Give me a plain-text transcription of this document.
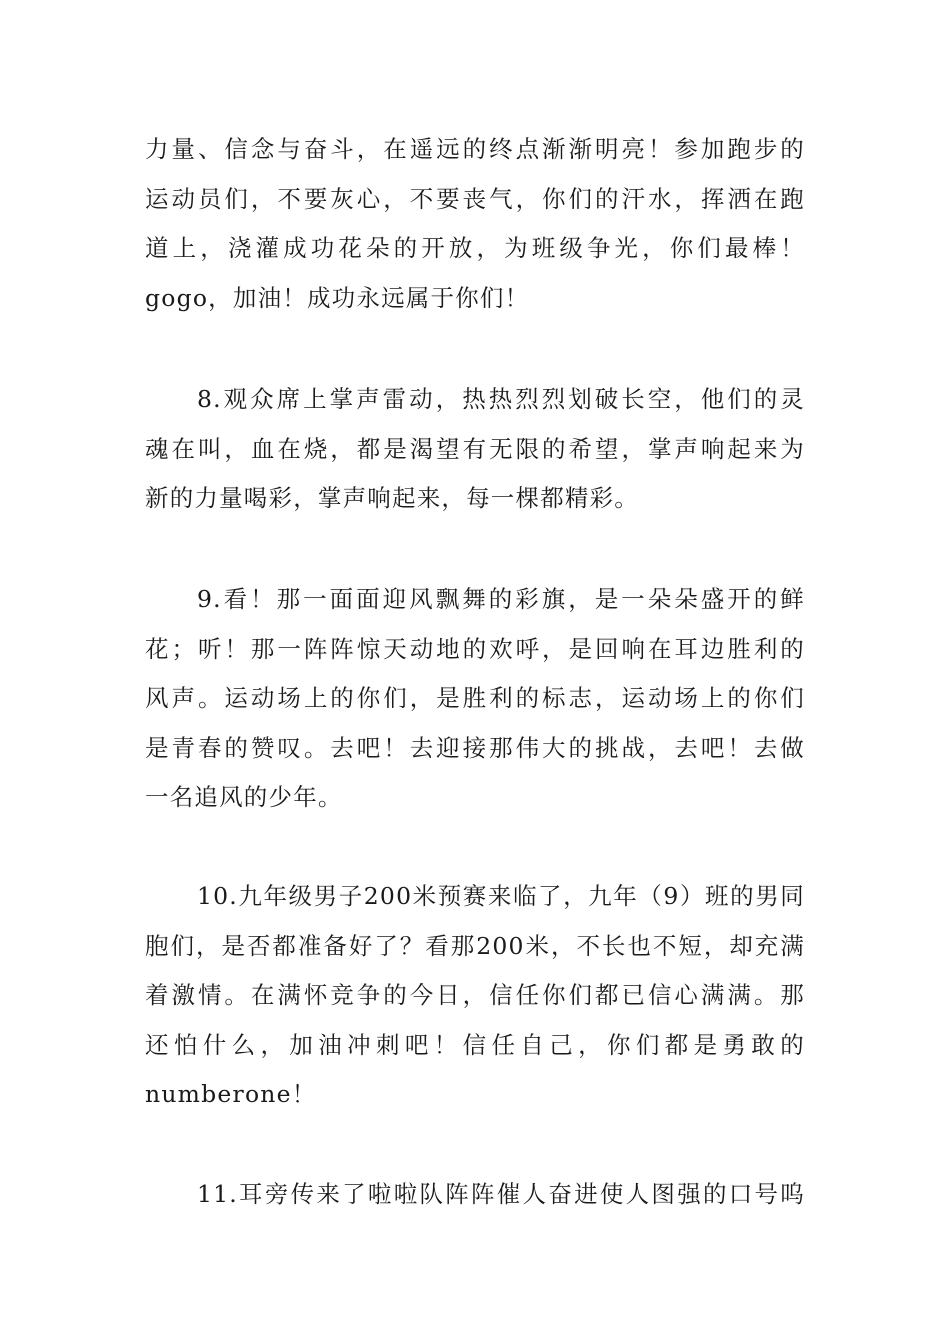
力量、信念与奋斗，在遥远的终点渐渐明亮！参加跑步的
运动员们，不要灰心，不要丧气，你们的汗水，挥洒在跑
道上，浇灌成功花朵的开放，为班级争光，你们最棒！
gogo，加油！成功永远属于你们！
8.观众席上掌声雷动，热热烈烈划破长空，他们的灵
魂在叫，血在烧，都是渴望有无限的希望，掌声响起来为
新的力量喝彩，掌声响起来，每一棵都精彩。
9.看！那一面面迎风飘舞的彩旗，是一朵朵盛开的鲜
花；听！那一阵阵惊天动地的欢呼，是回响在耳边胜利的
风声。运动场上的你们，是胜利的标志，运动场上的你们
是青春的赞叹。去吧！去迎接那伟大的挑战，去吧！去做
一名追风的少年。
10.九年级男子200米预赛来临了，九年（9）班的男同
胞们，是否都准备好了？看那200米，不长也不短，却充满
着激情。在满怀竞争的今日，信任你们都已信心满满。那
还怕什么，加油冲刺吧！信任自己，你们都是勇敢的
numberone！
11.耳旁传来了啦啦队阵阵催人奋进使人图强的口号呜
